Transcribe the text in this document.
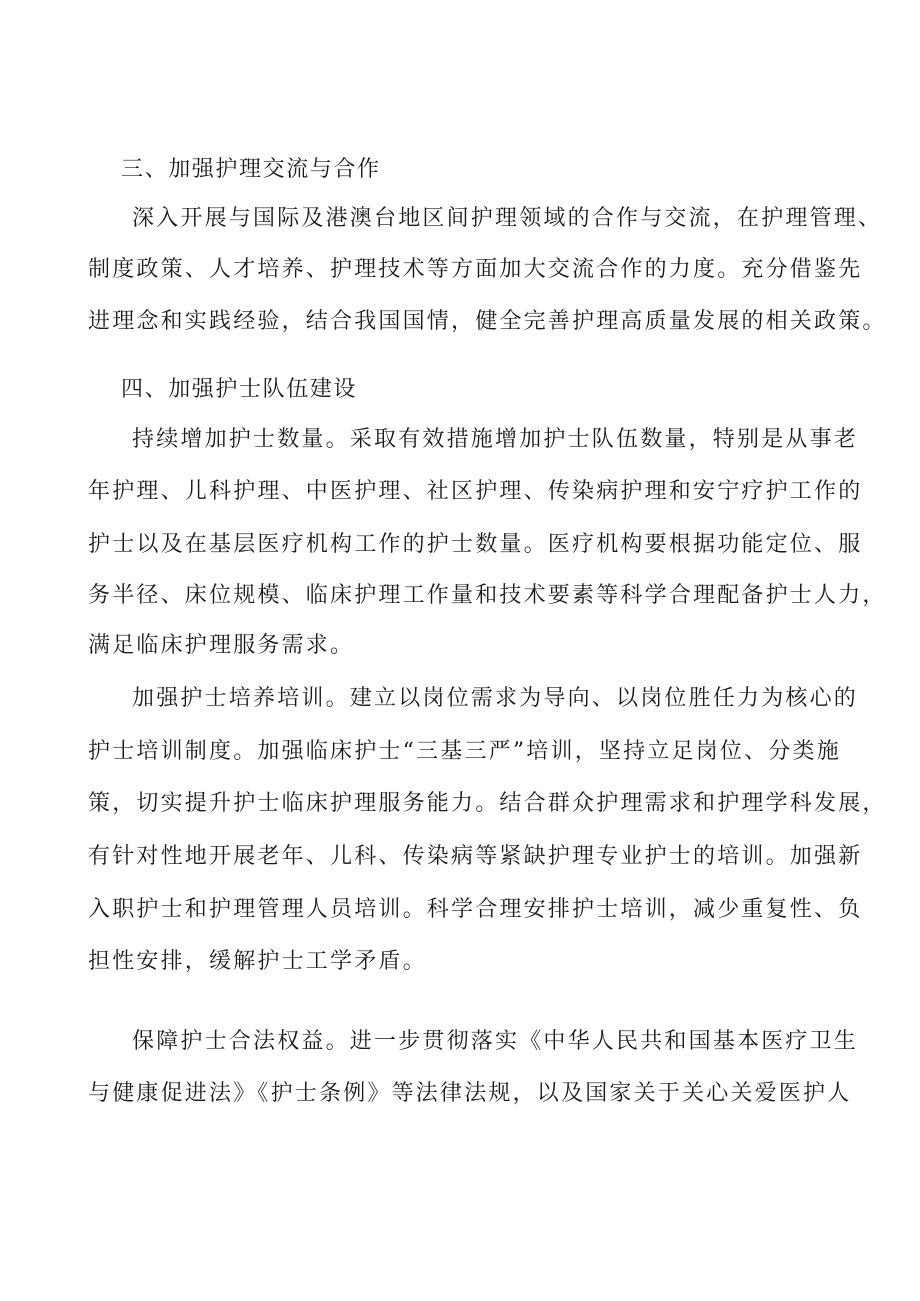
三、加强护理交流与合作
深入开展与国际及港澳台地区间护理领域的合作与交流，在护理管理、
制度政策、人才培养、护理技术等方面加大交流合作的力度。充分借鉴先
进理念和实践经验，结合我国国情，健全完善护理高质量发展的相关政策。
四、加强护士队伍建设
持续增加护士数量。采取有效措施增加护士队伍数量，特别是从事老
年护理、儿科护理、中医护理、社区护理、传染病护理和安宁疗护工作的
护士以及在基层医疗机构工作的护士数量。医疗机构要根据功能定位、服
务半径、床位规模、临床护理工作量和技术要素等科学合理配备护士人力，
满足临床护理服务需求。
加强护士培养培训。建立以岗位需求为导向、以岗位胜任力为核心的
护士培训制度。加强临床护士“三基三严”培训，坚持立足岗位、分类施
策，切实提升护士临床护理服务能力。结合群众护理需求和护理学科发展，
有针对性地开展老年、儿科、传染病等紧缺护理专业护士的培训。加强新
入职护士和护理管理人员培训。科学合理安排护士培训，减少重复性、负
担性安排，缓解护士工学矛盾。
保障护士合法权益。进一步贯彻落实《中华人民共和国基本医疗卫生
与健康促进法》《护士条例》等法律法规，以及国家关于关心关爱医护人
